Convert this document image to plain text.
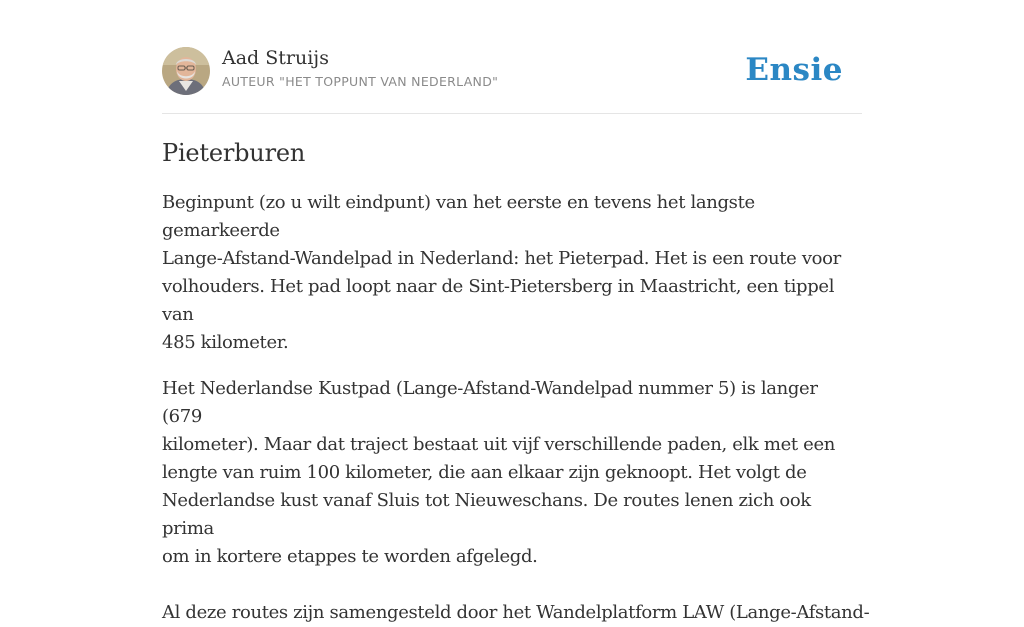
Aad Struijs
AUTEUR "HET TOPPUNT VAN NEDERLAND"	Ensie
Pieterburen

Beginpunt (zo u wilt eindpunt) van het eerste en tevens het langste gemarkeerde
Lange-Afstand-Wandelpad in Nederland: het Pieterpad. Het is een route voor
volhouders. Het pad loopt naar de Sint-Pietersberg in Maastricht, een tippel van
485 kilometer.

Het Nederlandse Kustpad (Lange-Afstand-Wandelpad nummer 5) is langer (679
kilometer). Maar dat traject bestaat uit vijf verschillende paden, elk met een
lengte van ruim 100 kilometer, die aan elkaar zijn geknoopt. Het volgt de
Nederlandse kust vanaf Sluis tot Nieuweschans. De routes lenen zich ook prima
om in kortere etappes te worden afgelegd.

Al deze routes zijn samengesteld door het Wandelplatform LAW (Lange-Afstand-
